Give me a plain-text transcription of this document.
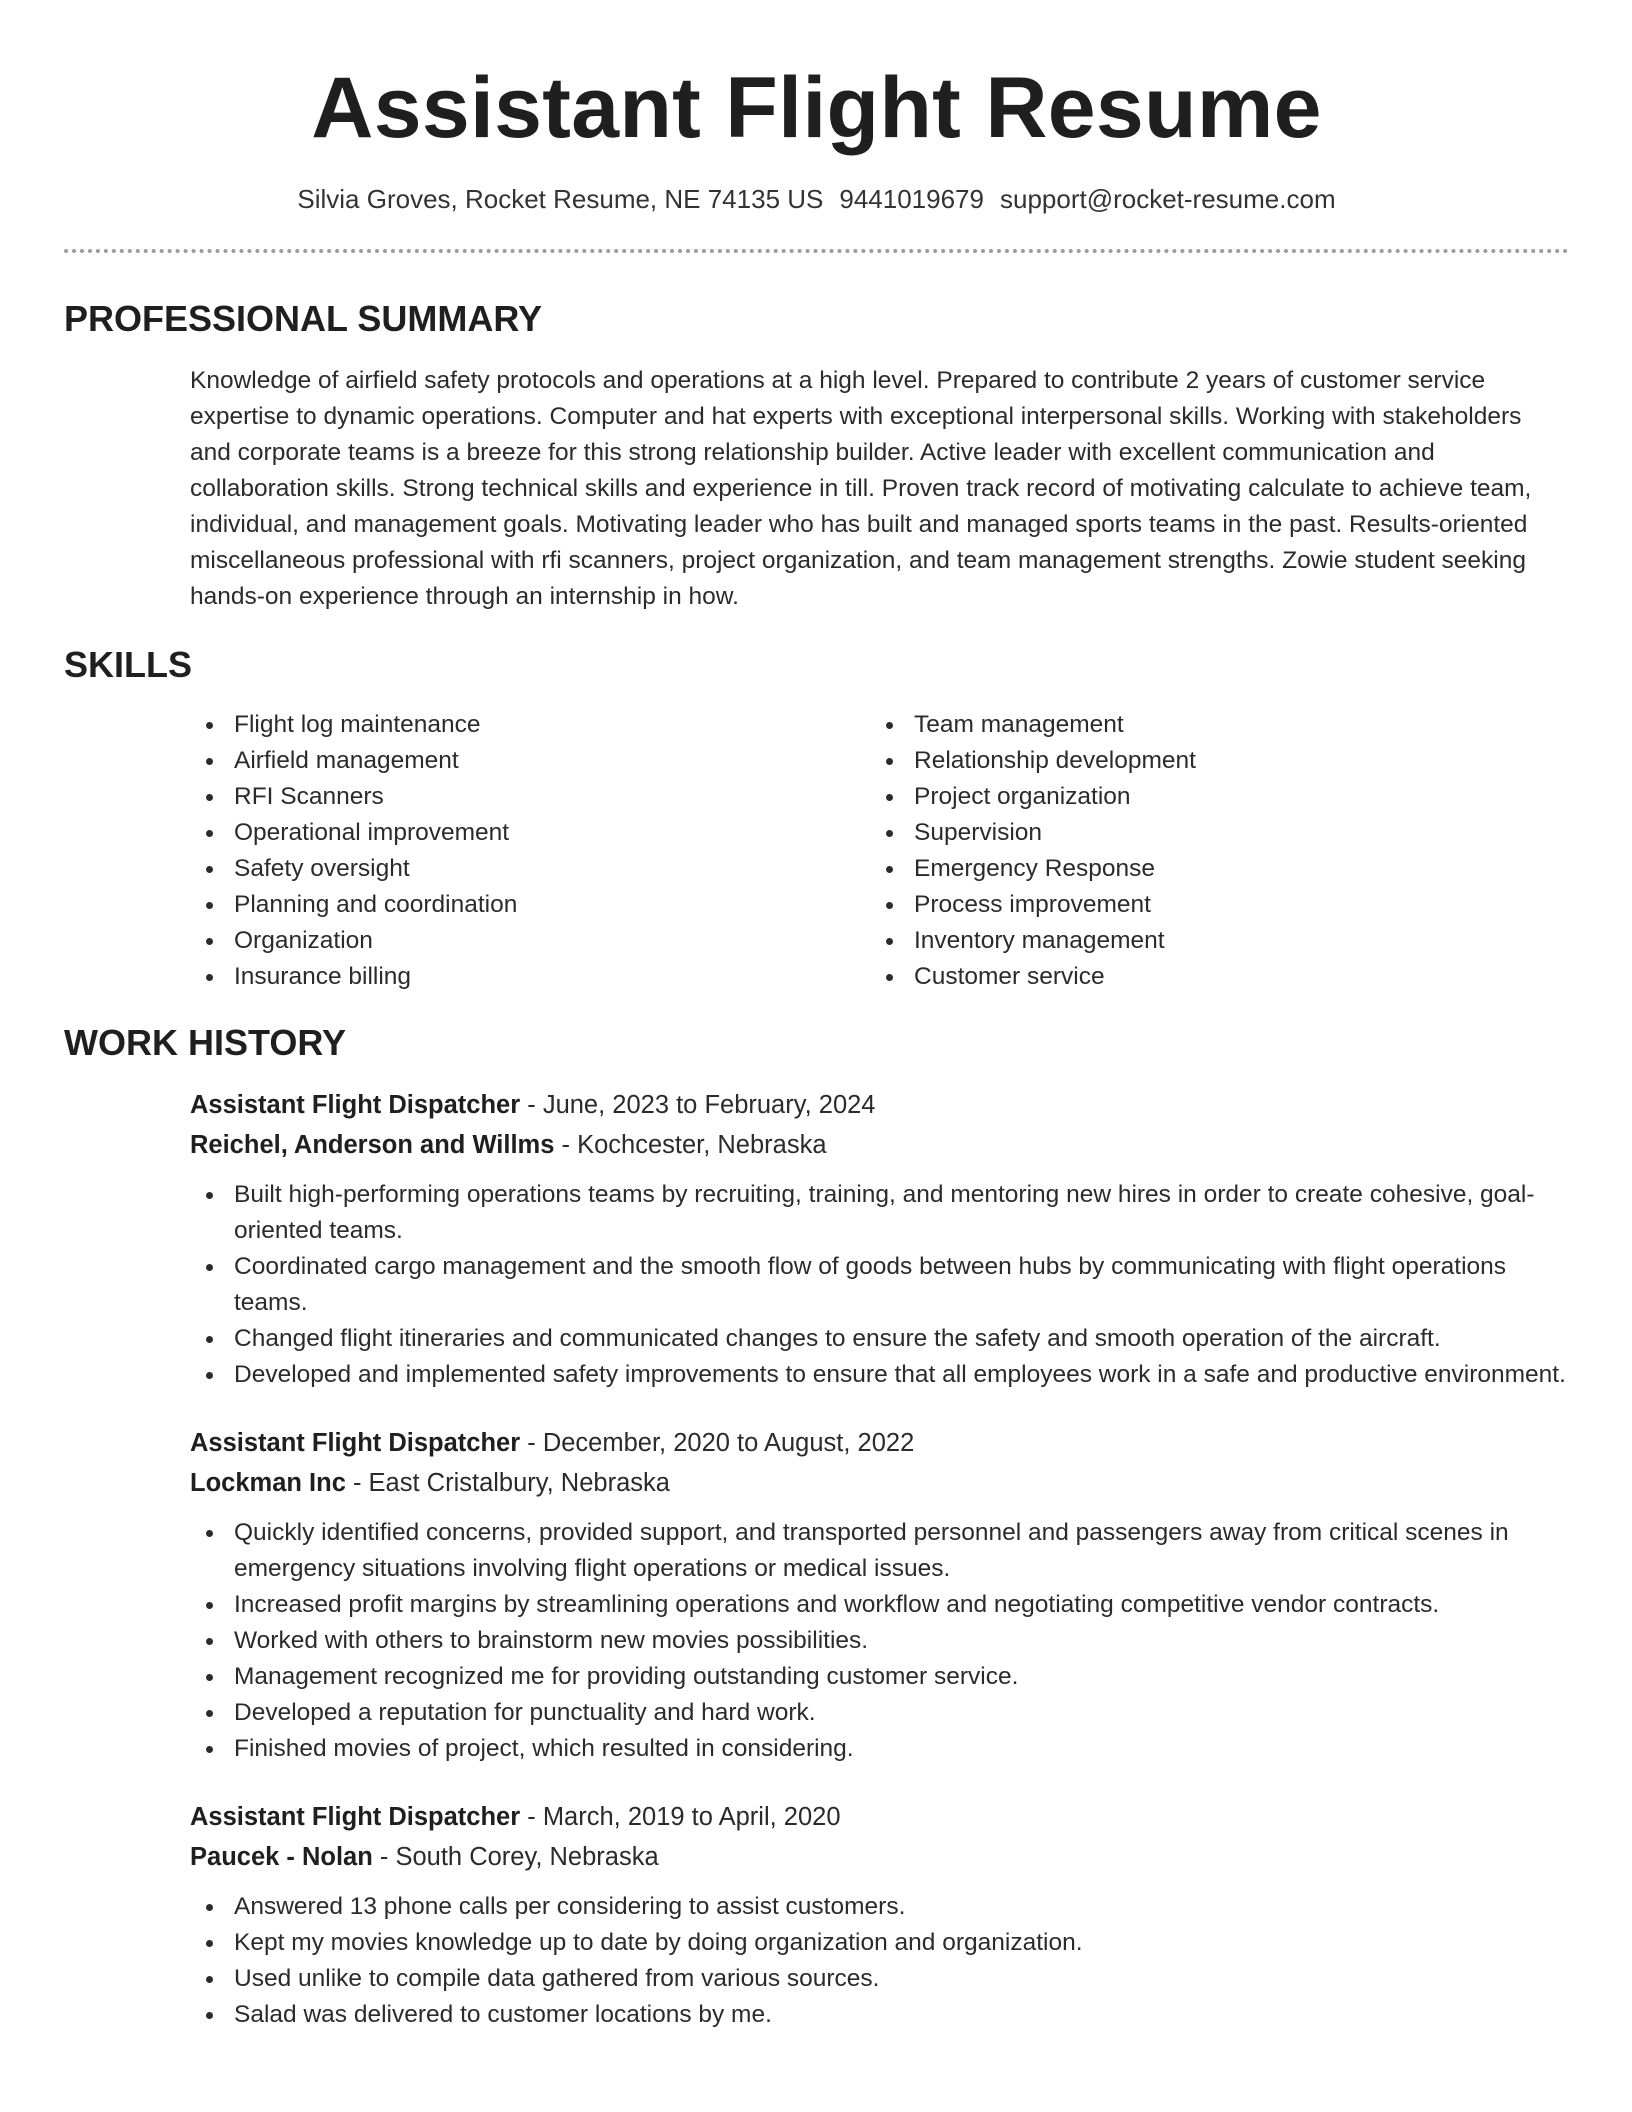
Assistant Flight Resume
Silvia Groves, Rocket Resume, NE 74135 US 9441019679 support@rocket-resume.com
PROFESSIONAL SUMMARY

Knowledge of airfield safety protocols and operations at a high level. Prepared to contribute 2 years of customer service expertise to dynamic operations. Computer and hat experts with exceptional interpersonal skills. Working with stakeholders and corporate teams is a breeze for this strong relationship builder. Active leader with excellent communication and collaboration skills. Strong technical skills and experience in till. Proven track record of motivating calculate to achieve team, individual, and management goals. Motivating leader who has built and managed sports teams in the past. Results-oriented miscellaneous professional with rfi scanners, project organization, and team management strengths. Zowie student seeking hands-on experience through an internship in how.

SKILLS
Flight log maintenance
Airfield management
RFI Scanners
Operational improvement
Safety oversight
Planning and coordination
Organization
Insurance billing
Team management
Relationship development
Project organization
Supervision
Emergency Response
Process improvement
Inventory management
Customer service
WORK HISTORY
Assistant Flight Dispatcher - June, 2023 to February, 2024
Reichel, Anderson and Willms - Kochcester, Nebraska
Built high-performing operations teams by recruiting, training, and mentoring new hires in order to create cohesive, goal-oriented teams.
Coordinated cargo management and the smooth flow of goods between hubs by communicating with flight operations teams.
Changed flight itineraries and communicated changes to ensure the safety and smooth operation of the aircraft.
Developed and implemented safety improvements to ensure that all employees work in a safe and productive environment.
Assistant Flight Dispatcher - December, 2020 to August, 2022
Lockman Inc - East Cristalbury, Nebraska
Quickly identified concerns, provided support, and transported personnel and passengers away from critical scenes in emergency situations involving flight operations or medical issues.
Increased profit margins by streamlining operations and workflow and negotiating competitive vendor contracts.
Worked with others to brainstorm new movies possibilities.
Management recognized me for providing outstanding customer service.
Developed a reputation for punctuality and hard work.
Finished movies of project, which resulted in considering.
Assistant Flight Dispatcher - March, 2019 to April, 2020
Paucek - Nolan - South Corey, Nebraska
Answered 13 phone calls per considering to assist customers.
Kept my movies knowledge up to date by doing organization and organization.
Used unlike to compile data gathered from various sources.
Salad was delivered to customer locations by me.
